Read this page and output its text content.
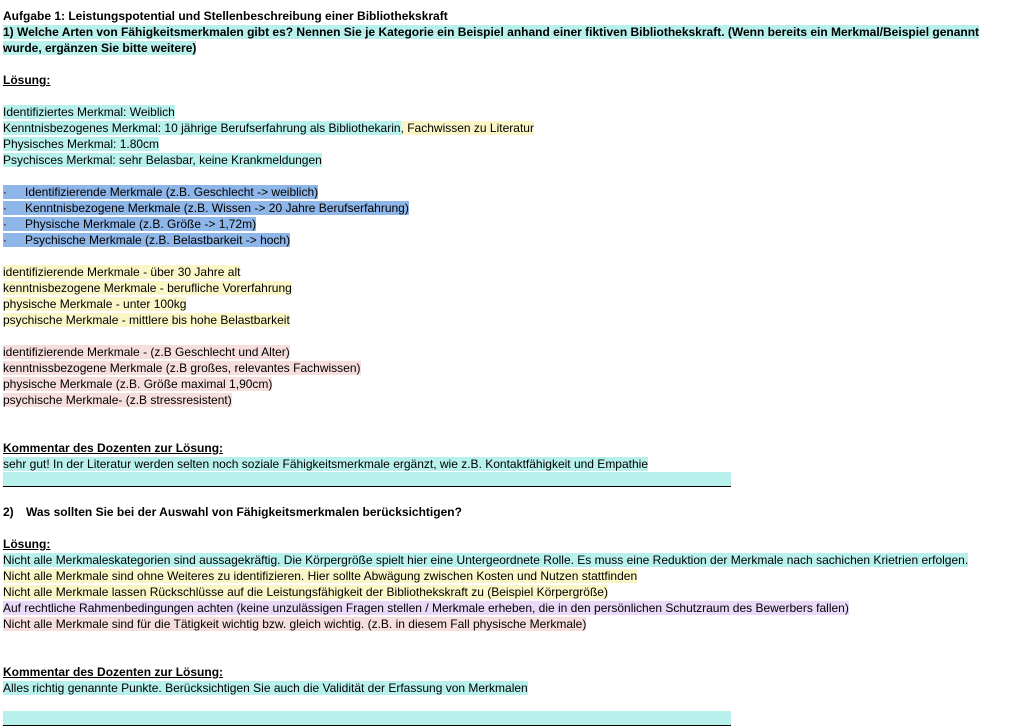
Aufgabe 1: Leistungspotential und Stellenbeschreibung einer Bibliothekskraft
1) Welche Arten von Fähigkeitsmerkmalen gibt es? Nennen Sie je Kategorie ein Beispiel anhand einer fiktiven Bibliothekskraft. (Wenn bereits ein Merkmal/Beispiel genannt wurde, ergänzen Sie bitte weitere)
Lösung:
Identifiziertes Merkmal: Weiblich
Kenntnisbezogenes Merkmal: 10 jährige Berufserfahrung als Bibliothekarin, Fachwissen zu Literatur
Physisches Merkmal: 1.80cm
Psychisces Merkmal: sehr Belasbar, keine Krankmeldungen
· Identifizierende Merkmale (z.B. Geschlecht -> weiblich)
· Kenntnisbezogene Merkmale (z.B. Wissen -> 20 Jahre Berufserfahrung)
· Physische Merkmale (z.B. Größe -> 1,72m)
· Psychische Merkmale (z.B. Belastbarkeit -> hoch)
identifizierende Merkmale - über 30 Jahre alt
kenntnisbezogene Merkmale - berufliche Vorerfahrung
physische Merkmale - unter 100kg
psychische Merkmale - mittlere bis hohe Belastbarkeit
identifizierende Merkmale - (z.B Geschlecht und Alter)
kenntnissbezogene Merkmale (z.B großes, relevantes Fachwissen)
physische Merkmale (z.B. Größe maximal 1,90cm)
psychische Merkmale- (z.B stressresistent)
Kommentar des Dozenten zur Lösung:
sehr gut! In der Literatur werden selten noch soziale Fähigkeitsmerkmale ergänzt, wie z.B. Kontaktfähigkeit und Empathie
2) Was sollten Sie bei der Auswahl von Fähigkeitsmerkmalen berücksichtigen?
Lösung:
Nicht alle Merkmaleskategorien sind aussagekräftig. Die Körpergröße spielt hier eine Untergeordnete Rolle. Es muss eine Reduktion der Merkmale nach sachichen Krietrien erfolgen.
Nicht alle Merkmale sind ohne Weiteres zu identifizieren. Hier sollte Abwägung zwischen Kosten und Nutzen stattfinden
Nicht alle Merkmale lassen Rückschlüsse auf die Leistungsfähigkeit der Bibliothekskraft zu (Beispiel Körpergröße)
Auf rechtliche Rahmenbedingungen achten (keine unzulässigen Fragen stellen / Merkmale erheben, die in den persönlichen Schutzraum des Bewerbers fallen)
Nicht alle Merkmale sind für die Tätigkeit wichtig bzw. gleich wichtig. (z.B. in diesem Fall physische Merkmale)
Kommentar des Dozenten zur Lösung:
Alles richtig genannte Punkte. Berücksichtigen Sie auch die Validität der Erfassung von Merkmalen
